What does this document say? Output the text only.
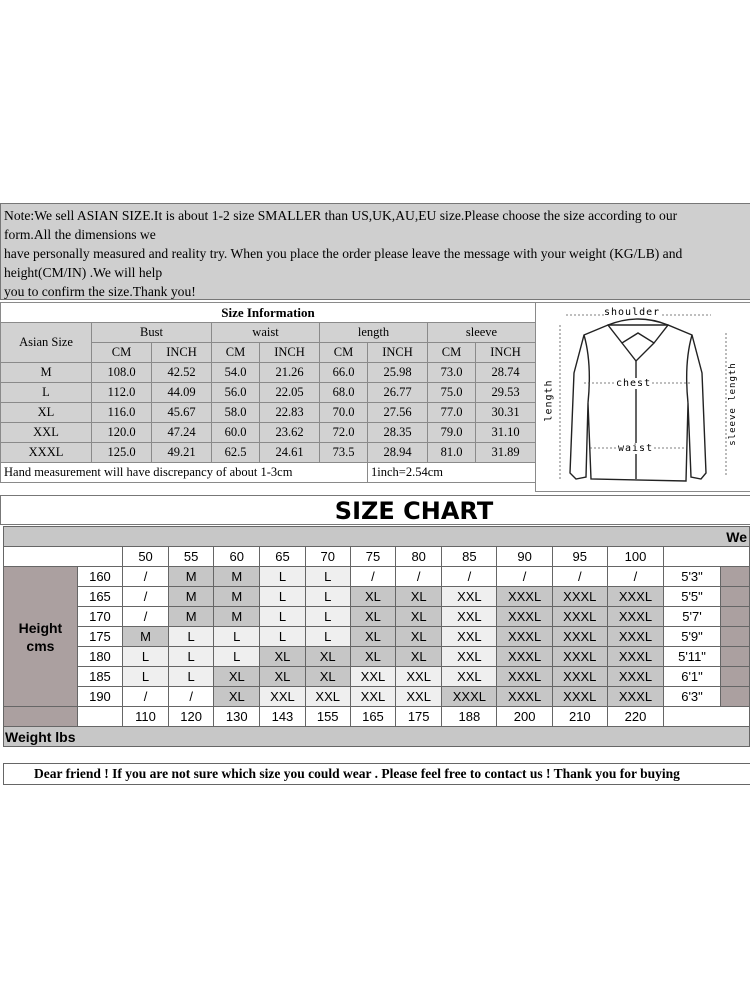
Note:We sell ASIAN SIZE.It is about 1-2 size SMALLER than US,UK,AU,EU size.Please choose the size according to our
form.All the dimensions we
have personally measured and reality try. When you place the order please leave the message with your weight (KG/LB) and
height(CM/IN) .We will help
you to confirm the size.Thank you!
Size Information								
Asian Size	Bust		waist		length		sleeve	
	CM	INCH	CM	INCH	CM	INCH	CM	INCH
M	108.0	42.52	54.0	21.26	66.0	25.98	73.0	28.74
L	112.0	44.09	56.0	22.05	68.0	26.77	75.0	29.53
XL	116.0	45.67	58.0	22.83	70.0	27.56	77.0	30.31
XXL	120.0	47.24	60.0	23.62	72.0	28.35	79.0	31.10
XXXL	125.0	49.21	62.5	24.61	73.5	28.94	81.0	31.89
Hand measurement will have discrepancy of about 1-3cm						1inch=2.54cm		
shoulder
chest
waist
length	sleeve length
SIZE CHART
We														
		50	55	60	65	70	75	80	85	90	95	100		
Height
cms	160	/	M	M	L	L	/	/	/	/	/	/	5'3"	
	165	/	M	M	L	L	XL	XL	XXL	XXXL	XXXL	XXXL	5'5"	
	170	/	M	M	L	L	XL	XL	XXL	XXXL	XXXL	XXXL	5'7'	
	175	M	L	L	L	L	XL	XL	XXL	XXXL	XXXL	XXXL	5'9"	
	180	L	L	L	XL	XL	XL	XL	XXL	XXXL	XXXL	XXXL	5'11"	
	185	L	L	XL	XL	XL	XXL	XXL	XXL	XXXL	XXXL	XXXL	6'1"	
	190	/	/	XL	XXL	XXL	XXL	XXL	XXXL	XXXL	XXXL	XXXL	6'3"	
		110	120	130	143	155	165	175	188	200	210	220		
Weight lbs														
Dear friend ! If you are not sure which size you could wear . Please feel free to contact us ! Thank you for buying
